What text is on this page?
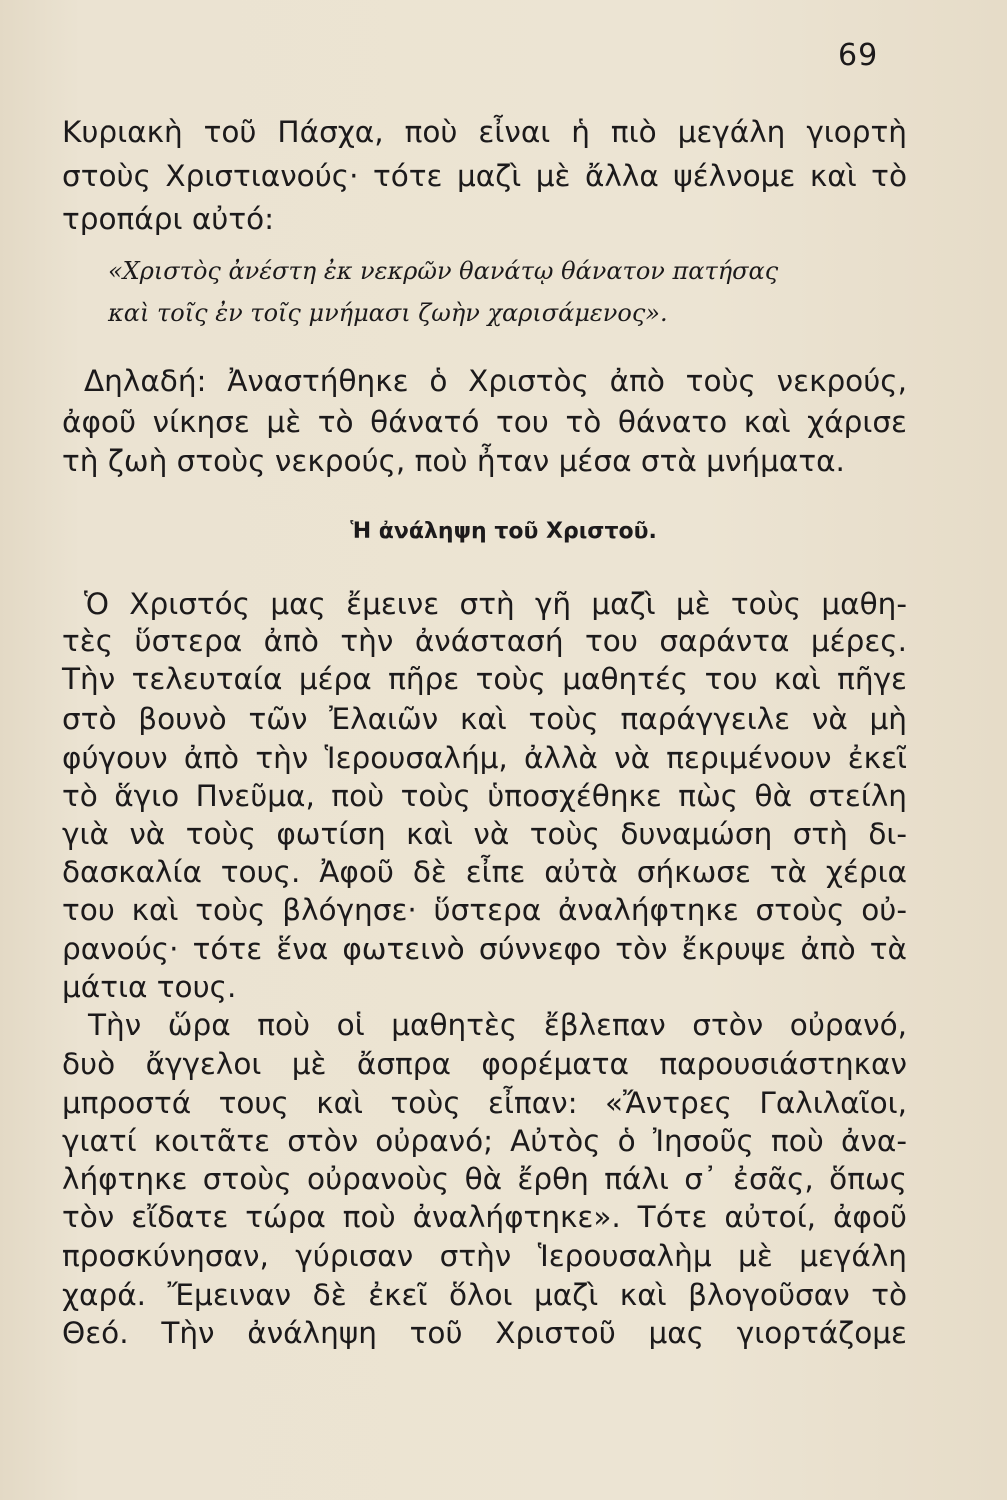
69
Κυριακὴ τοῦ Πάσχα, ποὺ εἶναι ἡ πιὸ μεγάλη γιορτὴ
στοὺς Χριστιανούς· τότε μαζὶ μὲ ἄλλα ψέλνομε καὶ τὸ
τροπάρι αὐτό:
«Χριστὸς ἀνέστη ἐκ νεκρῶν θανάτῳ θάνατον πατήσας
καὶ τοῖς ἐν τοῖς μνήμασι ζωὴν χαρισάμενος».
Δηλαδή: Ἀναστήθηκε ὁ Χριστὸς ἀπὸ τοὺς νεκρούς,
ἀφοῦ νίκησε μὲ τὸ θάνατό του τὸ θάνατο καὶ χάρισε
τὴ ζωὴ στοὺς νεκρούς, ποὺ ἦταν μέσα στὰ μνήματα.
Ἡ ἀνάληψη τοῦ Χριστοῦ.
Ὁ Χριστός μας ἔμεινε στὴ γῆ μαζὶ μὲ τοὺς μαθη-
τὲς ὕστερα ἀπὸ τὴν ἀνάστασή του σαράντα μέρες.
Τὴν τελευταία μέρα πῆρε τοὺς μαθητές του καὶ πῆγε
στὸ βουνὸ τῶν Ἐλαιῶν καὶ τοὺς παράγγειλε νὰ μὴ
φύγουν ἀπὸ τὴν Ἱερουσαλήμ, ἀλλὰ νὰ περιμένουν ἐκεῖ
τὸ ἅγιο Πνεῦμα, ποὺ τοὺς ὑποσχέθηκε πὼς θὰ στείλη
γιὰ νὰ τοὺς φωτίση καὶ νὰ τοὺς δυναμώση στὴ δι-
δασκαλία τους. Ἀφοῦ δὲ εἶπε αὐτὰ σήκωσε τὰ χέρια
του καὶ τοὺς βλόγησε· ὕστερα ἀναλήφτηκε στοὺς οὐ-
ρανούς· τότε ἕνα φωτεινὸ σύννεφο τὸν ἔκρυψε ἀπὸ τὰ
μάτια τους.
Τὴν ὥρα ποὺ οἱ μαθητὲς ἔβλεπαν στὸν οὐρανό,
δυὸ ἄγγελοι μὲ ἄσπρα φορέματα παρουσιάστηκαν
μπροστά τους καὶ τοὺς εἶπαν: «Ἄντρες Γαλιλαῖοι,
γιατί κοιτᾶτε στὸν οὐρανό; Αὐτὸς ὁ Ἰησοῦς ποὺ ἀνα-
λήφτηκε στοὺς οὐρανοὺς θὰ ἔρθη πάλι σ᾽ ἐσᾶς, ὅπως
τὸν εἴδατε τώρα ποὺ ἀναλήφτηκε». Τότε αὐτοί, ἀφοῦ
προσκύνησαν, γύρισαν στὴν Ἱερουσαλὴμ μὲ μεγάλη
χαρά. Ἔμειναν δὲ ἐκεῖ ὅλοι μαζὶ καὶ βλογοῦσαν τὸ
Θεό. Τὴν ἀνάληψη τοῦ Χριστοῦ μας γιορτάζομε
